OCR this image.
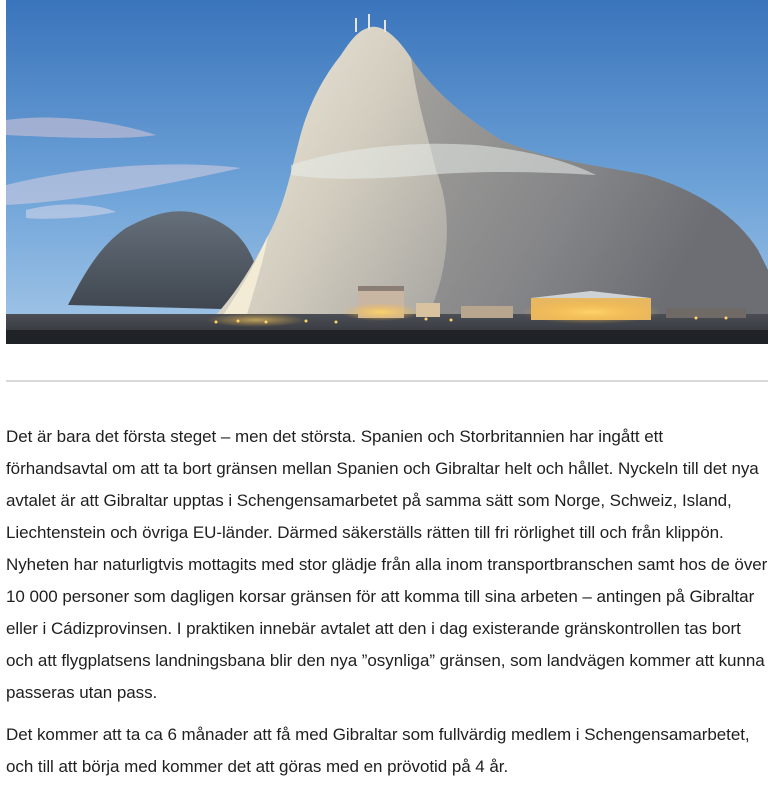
Det är bara det första steget – men det största. Spanien och Storbritannien har ingått ett förhandsavtal om att ta bort gränsen mellan Spanien och Gibraltar helt och hållet. Nyckeln till det nya avtalet är att Gibraltar upptas i Schengensamarbetet på samma sätt som Norge, Schweiz, Island, Liechtenstein och övriga EU-länder. Därmed säkerställs rätten till fri rörlighet till och från klippön. Nyheten har naturligtvis mottagits med stor glädje från alla inom transportbranschen samt hos de över 10 000 personer som dagligen korsar gränsen för att komma till sina arbeten – antingen på Gibraltar eller i Cádizprovinsen. I praktiken innebär avtalet att den i dag existerande gränskontrollen tas bort och att flygplatsens landningsbana blir den nya ”osynliga” gränsen, som landvägen kommer att kunna passeras utan pass.

Det kommer att ta ca 6 månader att få med Gibraltar som fullvärdig medlem i Schengensamarbetet, och till att börja med kommer det att göras med en prövotid på 4 år.
